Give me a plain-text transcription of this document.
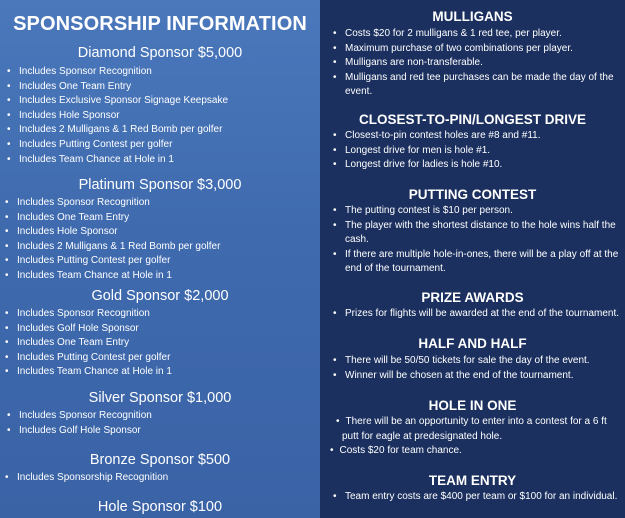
SPONSORSHIP INFORMATION
Diamond Sponsor $5,000
• Includes Sponsor Recognition
• Includes One Team Entry
• Includes Exclusive Sponsor Signage Keepsake
• Includes Hole Sponsor
• Includes 2 Mulligans & 1 Red Bomb per golfer
• Includes Putting Contest per golfer
• Includes Team Chance at Hole in 1
Platinum Sponsor $3,000
• Includes Sponsor Recognition
• Includes One Team Entry
• Includes Hole Sponsor
• Includes 2 Mulligans & 1 Red Bomb per golfer
• Includes Putting Contest per golfer
• Includes Team Chance at Hole in 1
Gold Sponsor $2,000
• Includes Sponsor Recognition
• Includes Golf Hole Sponsor
• Includes One Team Entry
• Includes Putting Contest per golfer
• Includes Team Chance at Hole in 1
Silver Sponsor $1,000
• Includes Sponsor Recognition
• Includes Golf Hole Sponsor
Bronze Sponsor $500
• Includes Sponsorship Recognition
Hole Sponsor $100
MULLIGANS
• Costs $20 for 2 mulligans & 1 red tee, per player.
• Maximum purchase of two combinations per player.
• Mulligans are non-transferable.
• Mulligans and red tee purchases can be made the day of the event.
CLOSEST-TO-PIN/LONGEST DRIVE
• Closest-to-pin contest holes are #8 and #11.
• Longest drive for men is hole #1.
• Longest drive for ladies is hole #10.
PUTTING CONTEST
• The putting contest is $10 per person.
• The player with the shortest distance to the hole wins half the cash.
• If there are multiple hole-in-ones, there will be a play off at the end of the tournament.
PRIZE AWARDS
• Prizes for flights will be awarded at the end of the tournament.
HALF AND HALF
• There will be 50/50 tickets for sale the day of the event.
• Winner will be chosen at the end of the tournament.
HOLE IN ONE
• There will be an opportunity to enter into a contest for a 6 ft putt for eagle at predesignated hole.
• Costs $20 for team chance.
TEAM ENTRY
• Team entry costs are $400 per team or $100 for an individual.
